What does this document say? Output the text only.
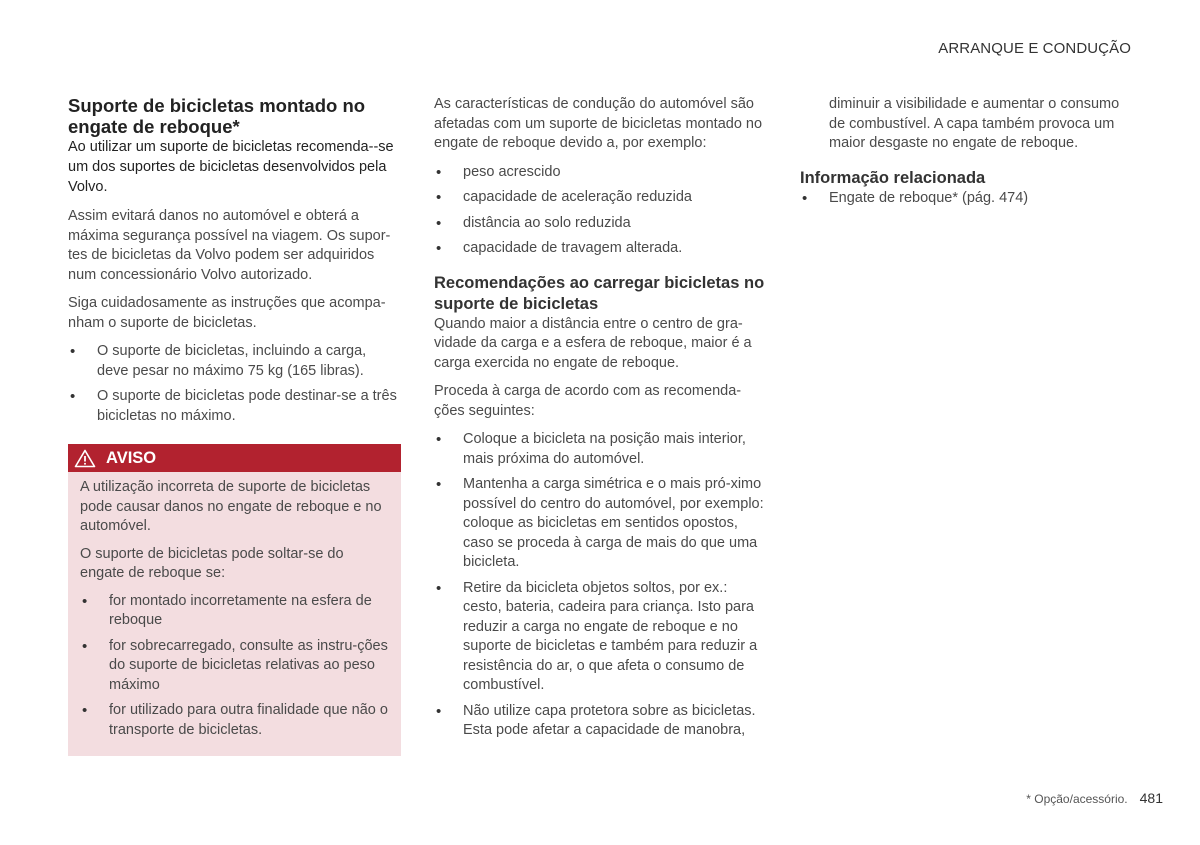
ARRANQUE E CONDUÇÃO
Suporte de bicicletas montado no engate de reboque*

Ao utilizar um suporte de bicicletas recomenda--se um dos suportes de bicicletas desenvolvidos pela Volvo.

Assim evitará danos no automóvel e obterá a máxima segurança possível na viagem. Os supor-tes de bicicletas da Volvo podem ser adquiridos num concessionário Volvo autorizado.

Siga cuidadosamente as instruções que acompa-nham o suporte de bicicletas.

• O suporte de bicicletas, incluindo a carga, deve pesar no máximo 75 kg (165 libras).
• O suporte de bicicletas pode destinar-se a três bicicletas no máximo.
AVISO

A utilização incorreta de suporte de bicicletas pode causar danos no engate de reboque e no automóvel.

O suporte de bicicletas pode soltar-se do engate de reboque se:

• for montado incorretamente na esfera de reboque
• for sobrecarregado, consulte as instru-ções do suporte de bicicletas relativas ao peso máximo
• for utilizado para outra finalidade que não o transporte de bicicletas.

As características de condução do automóvel são afetadas com um suporte de bicicletas montado no engate de reboque devido a, por exemplo:

• peso acrescido
• capacidade de aceleração reduzida
• distância ao solo reduzida
• capacidade de travagem alterada.
Recomendações ao carregar bicicletas no suporte de bicicletas

Quando maior a distância entre o centro de gra-vidade da carga e a esfera de reboque, maior é a carga exercida no engate de reboque.

Proceda à carga de acordo com as recomenda-ções seguintes:

• Coloque a bicicleta na posição mais interior, mais próxima do automóvel.
• Mantenha a carga simétrica e o mais pró-ximo possível do centro do automóvel, por exemplo: coloque as bicicletas em sentidos opostos, caso se proceda à carga de mais do que uma bicicleta.
• Retire da bicicleta objetos soltos, por ex.: cesto, bateria, cadeira para criança. Isto para reduzir a carga no engate de reboque e no suporte de bicicletas e também para reduzir a resistência do ar, o que afeta o consumo de combustível.
• Não utilize capa protetora sobre as bicicletas. Esta pode afetar a capacidade de manobra,

diminuir a visibilidade e aumentar o consumo de combustível. A capa também provoca um maior desgaste no engate de reboque.

Informação relacionada
• Engate de reboque* (pág. 474)
* Opção/acessório. 481
